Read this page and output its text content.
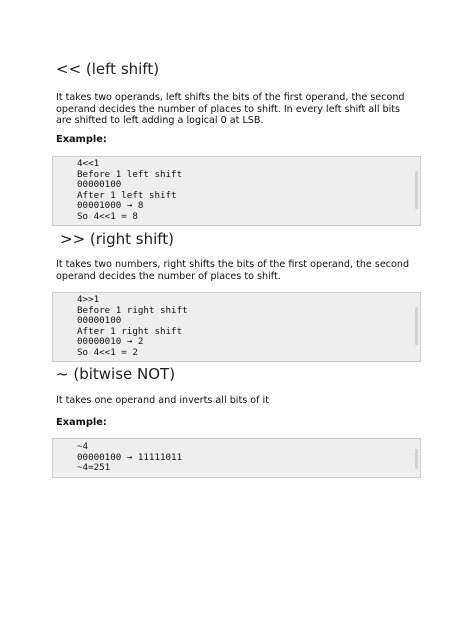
<< (left shift)

It takes two operands, left shifts the bits of the first operand, the second operand decides the number of places to shift. In every left shift all bits are shifted to left adding a logical 0 at LSB.

Example:

4<<1
Before 1 left shift
00000100
After 1 left shift
00001000 → 8
So 4<<1 = 8
>> (right shift)

It takes two numbers, right shifts the bits of the first operand, the second operand decides the number of places to shift.

4>>1
Before 1 right shift
00000100
After 1 right shift
00000010 → 2
So 4<<1 = 2
~ (bitwise NOT)

It takes one operand and inverts all bits of it

Example:

~4
00000100 → 11111011
~4=251
